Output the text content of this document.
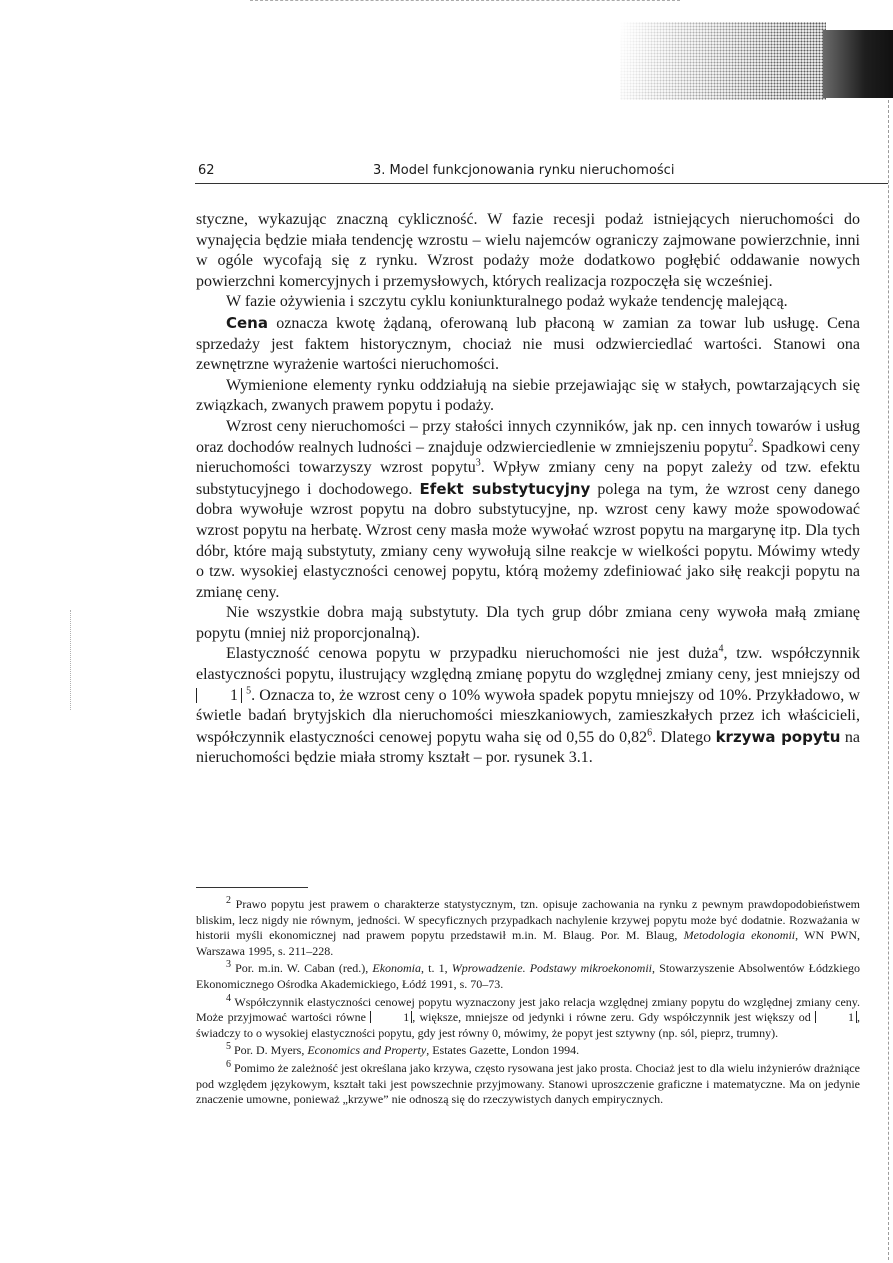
62	3. Model funkcjonowania rynku nieruchomości

styczne, wykazując znaczną cykliczność. W fazie recesji podaż istniejących nieruchomości do wynajęcia będzie miała tendencję wzrostu – wielu najemców ograniczy zajmowane powierzchnie, inni w ogóle wycofają się z rynku. Wzrost podaży może dodatkowo pogłębić oddawanie nowych powierzchni komercyjnych i przemysłowych, których realizacja rozpoczęła się wcześniej.

W fazie ożywienia i szczytu cyklu koniunkturalnego podaż wykaże tendencję malejącą.

Cena oznacza kwotę żądaną, oferowaną lub płaconą w zamian za towar lub usługę. Cena sprzedaży jest faktem historycznym, chociaż nie musi odzwierciedlać wartości. Stanowi ona zewnętrzne wyrażenie wartości nieruchomości.

Wymienione elementy rynku oddziałują na siebie przejawiając się w stałych, powtarzających się związkach, zwanych prawem popytu i podaży.

Wzrost ceny nieruchomości – przy stałości innych czynników, jak np. cen innych towarów i usług oraz dochodów realnych ludności – znajduje odzwierciedlenie w zmniejszeniu popytu$^2$. Spadkowi ceny nieruchomości towarzyszy wzrost popytu$^3$. Wpływ zmiany ceny na popyt zależy od tzw. efektu substytucyjnego i dochodowego. Efekt substytucyjny polega na tym, że wzrost ceny danego dobra wywołuje wzrost popytu na dobro substytucyjne, np. wzrost ceny kawy może spowodować wzrost popytu na herbatę. Wzrost ceny masła może wywołać wzrost popytu na margarynę itp. Dla tych dóbr, które mają substytuty, zmiany ceny wywołują silne reakcje w wielkości popytu. Mówimy wtedy o tzw. wysokiej elastyczności cenowej popytu, którą możemy zdefiniować jako siłę reakcji popytu na zmianę ceny.

Nie wszystkie dobra mają substytuty. Dla tych grup dóbr zmiana ceny wywoła małą zmianę popytu (mniej niż proporcjonalną).

Elastyczność cenowa popytu w przypadku nieruchomości nie jest duża$^4$, tzw. współczynnik elastyczności popytu, ilustrujący względną zmianę popytu do względnej zmiany ceny, jest mniejszy od 1 $^5$. Oznacza to, że wzrost ceny o 10% wywoła spadek popytu mniejszy od 10%. Przykładowo, w świetle badań brytyjskich dla nieruchomości mieszkaniowych, zamieszkałych przez ich właścicieli, współczynnik elastyczności cenowej popytu waha się od 0,55 do 0,82$^6$. Dlatego krzywa popytu na nieruchomości będzie miała stromy kształt – por. rysunek 3.1.

$^2$ Prawo popytu jest prawem o charakterze statystycznym, tzn. opisuje zachowania na rynku z pewnym prawdopodobieństwem bliskim, lecz nigdy nie równym, jedności. W specyficznych przypadkach nachylenie krzywej popytu może być dodatnie. Rozważania w historii myśli ekonomicznej nad prawem popytu przedstawił m.in. M. Blaug. Por. M. Blaug, Metodologia ekonomii, WN PWN, Warszawa 1995, s. 211–228.

$^3$ Por. m.in. W. Caban (red.), Ekonomia, t. 1, Wprowadzenie. Podstawy mikroekonomii, Stowarzyszenie Absolwentów Łódzkiego Ekonomicznego Ośrodka Akademickiego, Łódź 1991, s. 70–73.

$^4$ Współczynnik elastyczności cenowej popytu wyznaczony jest jako relacja względnej zmiany popytu do względnej zmiany ceny. Może przyjmować wartości równe	1 , większe, mniejsze od jedynki i równe zeru. Gdy współczynnik jest większy od	1 , świadczy to o wysokiej elastyczności popytu, gdy jest równy 0, mówimy, że popyt jest sztywny (np. sól, pieprz, trumny).

$^5$ Por. D. Myers, Economics and Property, Estates Gazette, London 1994.

$^6$ Pomimo że zależność jest określana jako krzywa, często rysowana jest jako prosta. Chociaż jest to dla wielu inżynierów drażniące pod względem językowym, kształt taki jest powszechnie przyjmowany. Stanowi uproszczenie graficzne i matematyczne. Ma on jedynie znaczenie umowne, ponieważ „krzywe” nie odnoszą się do rzeczywistych danych empirycznych.
